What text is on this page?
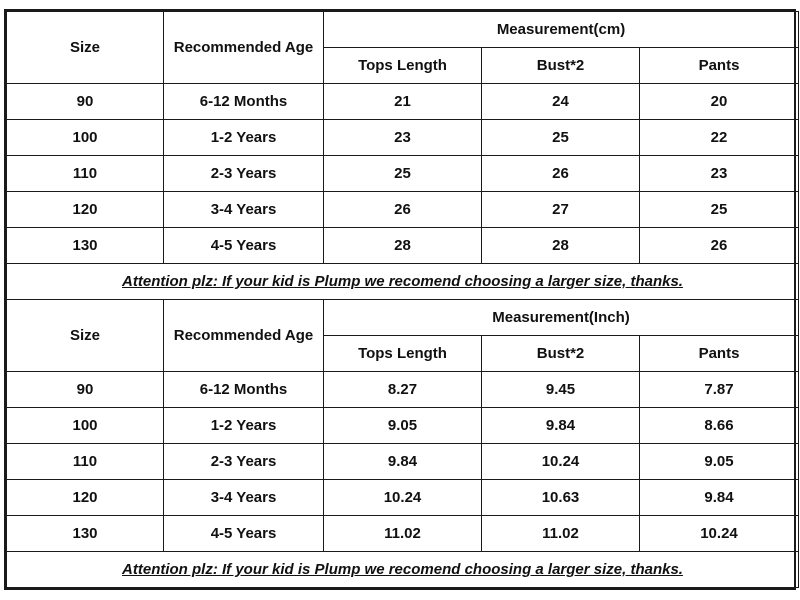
Size	Recommended Age	Measurement(cm)		
		Tops Length	Bust*2	Pants
90	6-12 Months	21	24	20
100	1-2 Years	23	25	22
110	2-3 Years	25	26	23
120	3-4 Years	26	27	25
130	4-5 Years	28	28	26
Attention plz: If your kid is Plump we recomend choosing a larger size, thanks.				
Size	Recommended Age	Measurement(Inch)		
		Tops Length	Bust*2	Pants
90	6-12 Months	8.27	9.45	7.87
100	1-2 Years	9.05	9.84	8.66
110	2-3 Years	9.84	10.24	9.05
120	3-4 Years	10.24	10.63	9.84
130	4-5 Years	11.02	11.02	10.24
Attention plz: If your kid is Plump we recomend choosing a larger size, thanks.				
